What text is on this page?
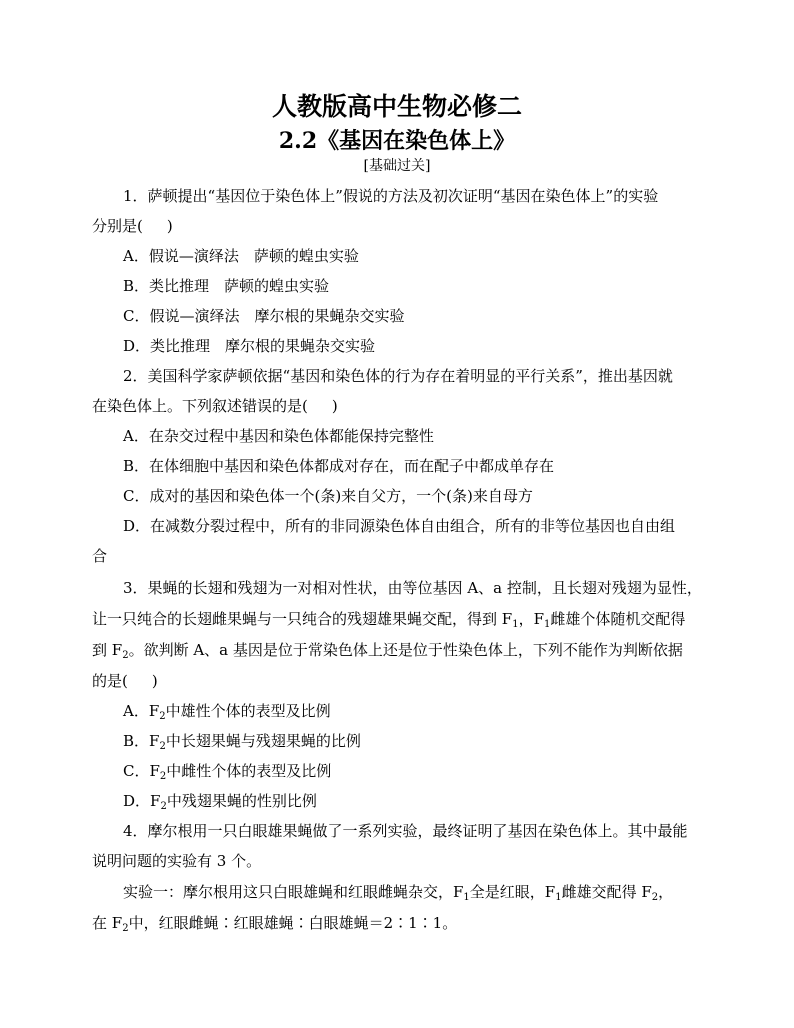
人教版高中生物必修二
2.2《基因在染色体上》
[基础过关]
1．萨顿提出“基因位于染色体上”假说的方法及初次证明“基因在染色体上”的实验
分别是( )
A．假说—演绎法　萨顿的蝗虫实验
B．类比推理　萨顿的蝗虫实验
C．假说—演绎法　摩尔根的果蝇杂交实验
D．类比推理　摩尔根的果蝇杂交实验
2．美国科学家萨顿依据“基因和染色体的行为存在着明显的平行关系”，推出基因就
在染色体上。下列叙述错误的是( )
A．在杂交过程中基因和染色体都能保持完整性
B．在体细胞中基因和染色体都成对存在，而在配子中都成单存在
C．成对的基因和染色体一个(条)来自父方，一个(条)来自母方
D．在减数分裂过程中，所有的非同源染色体自由组合，所有的非等位基因也自由组
合
3．果蝇的长翅和残翅为一对相对性状，由等位基因 A、a 控制，且长翅对残翅为显性，
让一只纯合的长翅雌果蝇与一只纯合的残翅雄果蝇交配，得到 $F_1$，$F_1$雌雄个体随机交配得
到 $F_2$。欲判断 A、a 基因是位于常染色体上还是位于性染色体上，下列不能作为判断依据
的是( )
A．$F_2$中雄性个体的表型及比例
B．$F_2$中长翅果蝇与残翅果蝇的比例
C．$F_2$中雌性个体的表型及比例
D．$F_2$中残翅果蝇的性别比例
4．摩尔根用一只白眼雄果蝇做了一系列实验，最终证明了基因在染色体上。其中最能
说明问题的实验有 3 个。
实验一：摩尔根用这只白眼雄蝇和红眼雌蝇杂交，$F_1$全是红眼，$F_1$雌雄交配得 $F_2$，
在 $F_2$中，红眼雌蝇∶红眼雄蝇∶白眼雄蝇＝2∶1∶1。
